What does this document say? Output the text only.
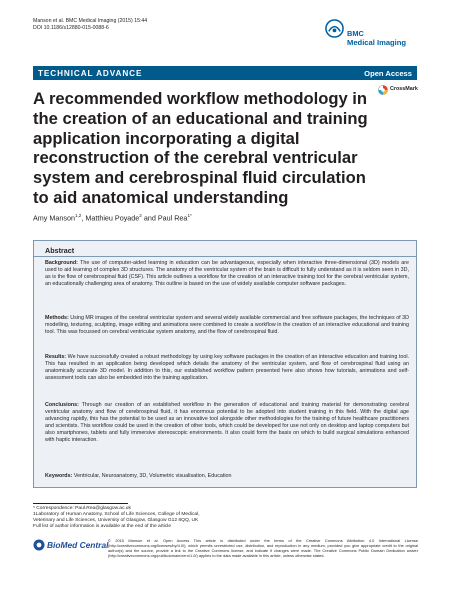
Manson et al. BMC Medical Imaging (2015) 15:44
DOI 10.1186/s12880-015-0088-6
BMC
Medical Imaging
TECHNICAL ADVANCE	Open Access
A recommended workflow methodology in the creation of an educational and training application incorporating a digital reconstruction of the cerebral ventricular system and cerebrospinal fluid circulation to aid anatomical understanding
CrossMark
Amy Manson$^{1,2}$, Matthieu Poyade$^2$ and Paul Rea$^{1*}$
Abstract

Background: The use of computer-aided learning in education can be advantageous, especially when interactive three-dimensional (3D) models are used to aid learning of complex 3D structures. The anatomy of the ventricular system of the brain is difficult to fully understand as it is seldom seen in 3D, as is the flow of cerebrospinal fluid (CSF). This article outlines a workflow for the creation of an interactive training tool for the cerebral ventricular system, an educationally challenging area of anatomy. This outline is based on the use of widely available computer software packages.

Methods: Using MR images of the cerebral ventricular system and several widely available commercial and free software packages, the techniques of 3D modelling, texturing, sculpting, image editing and animations were combined to create a workflow in the creation of an interactive educational and training tool. This was focussed on cerebral ventricular system anatomy, and the flow of cerebrospinal fluid.

Results: We have successfully created a robust methodology by using key software packages in the creation of an interactive education and training tool. This has resulted in an application being developed which details the anatomy of the ventricular system, and flow of cerebrospinal fluid using an anatomically accurate 3D model. In addition to this, our established workflow pattern presented here also shows how tutorials, animations and self-assessment tools can also be embedded into the training application.

Conclusions: Through our creation of an established workflow in the generation of educational and training material for demonstrating cerebral ventricular anatomy and flow of cerebrospinal fluid, it has enormous potential to be adopted into student training in this field. With the digital age advancing rapidly, this has the potential to be used as an innovative tool alongside other methodologies for the training of future healthcare practitioners and scientists. This workflow could be used in the creation of other tools, which could be developed for use not only on desktop and laptop computers but also smartphones, tablets and fully immersive stereoscopic environments. It also could form the basis on which to build surgical simulations enhanced with haptic interaction.

Keywords: Ventricular, Neuroanatomy, 3D, Volumetric visualisation, Education

* Correspondence: Paul.Rea@glasgow.ac.uk
1Laboratory of Human Anatomy, School of Life Sciences, College of Medical,
Veterinary and Life Sciences, University of Glasgow, Glasgow G12 8QQ, UK
Full list of author information is available at the end of the article
BioMed Central © 2015 Manson et al. Open Access This article is distributed under the terms of the Creative Commons Attribution 4.0 International License (http://creativecommons.org/licenses/by/4.0/), which permits unrestricted use, distribution, and reproduction in any medium, provided you give appropriate credit to the original author(s) and the source, provide a link to the Creative Commons license, and indicate if changes were made. The Creative Commons Public Domain Dedication waiver (http://creativecommons.org/publicdomain/zero/1.0/) applies to the data made available in this article, unless otherwise stated.
